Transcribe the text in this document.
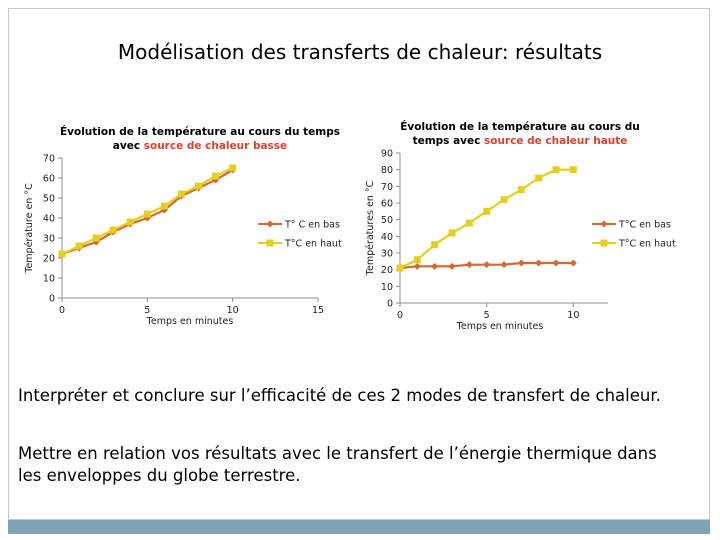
Modélisation des transferts de chaleur: résultats
Évolution de la température au cours du temps
avec source de chaleur basse
0
10
20
30
40
50
60
70
0	5	10	15
Temps en minutes
Température en °C	T° C en bas
T°C en haut
Évolution de la température au cours du
temps avec source de chaleur haute
0
10
20
30
40
50
60
70
80
90
0	5	10
Temps en minutes
Températures en °C	T°C en bas
T°C en haut
Interpréter et conclure sur l’efficacité de ces 2 modes de transfert de chaleur.
Mettre en relation vos résultats avec le transfert de l’énergie thermique dans
les enveloppes du globe terrestre.
